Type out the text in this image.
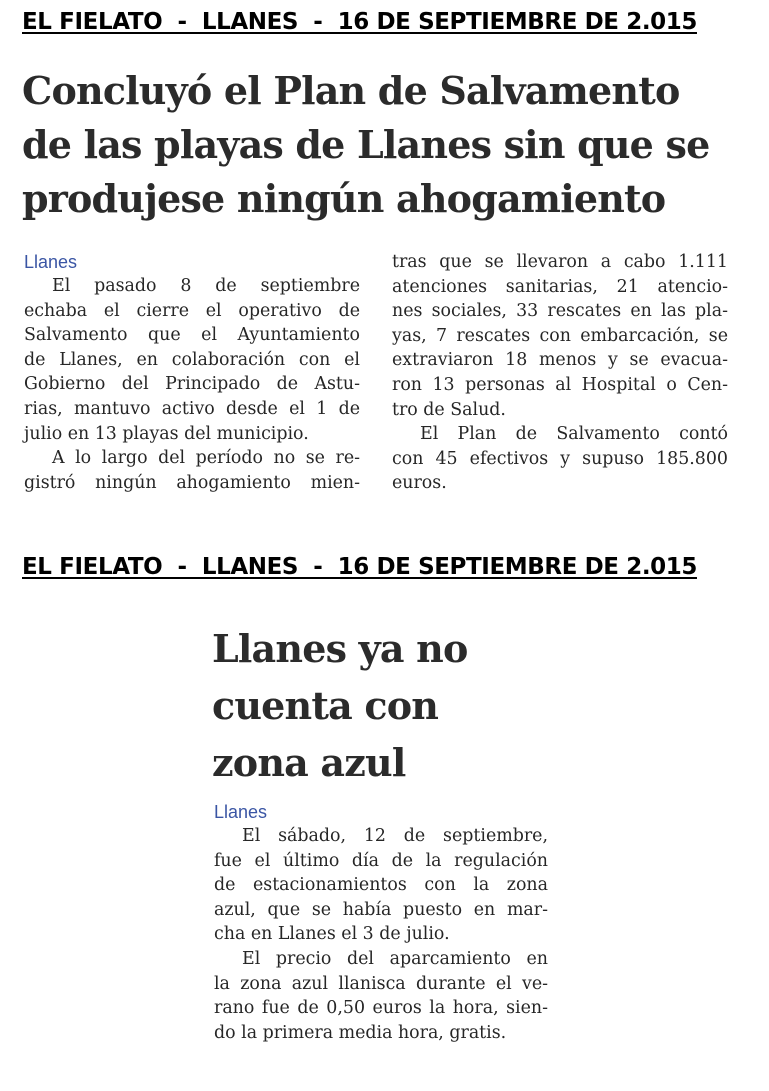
EL FIELATO  -  LLANES  -  16 DE SEPTIEMBRE DE 2.015
Concluyó el Plan de Salvamento
de las playas de Llanes sin que se
produjese ningún ahogamiento

Llanes

El pasado 8 de septiembre

echaba el cierre el operativo de

Salvamento que el Ayuntamiento

de Llanes, en colaboración con el

Gobierno del Principado de Astu-

rias, mantuvo activo desde el 1 de

julio en 13 playas del municipio.

A lo largo del período no se re-

gistró ningún ahogamiento mien-

tras que se llevaron a cabo 1.111

atenciones sanitarias, 21 atencio-

nes sociales, 33 rescates en las pla-

yas, 7 rescates con embarcación, se

extraviaron 18 menos y se evacua-

ron 13 personas al Hospital o Cen-

tro de Salud.

El Plan de Salvamento contó

con 45 efectivos y supuso 185.800

euros.

EL FIELATO  -  LLANES  -  16 DE SEPTIEMBRE DE 2.015
Llanes ya no
cuenta con
zona azul

Llanes

El sábado, 12 de septiembre,

fue el último día de la regulación

de estacionamientos con la zona

azul, que se había puesto en mar-

cha en Llanes el 3 de julio.

El precio del aparcamiento en

la zona azul llanisca durante el ve-

rano fue de 0,50 euros la hora, sien-

do la primera media hora, gratis.
